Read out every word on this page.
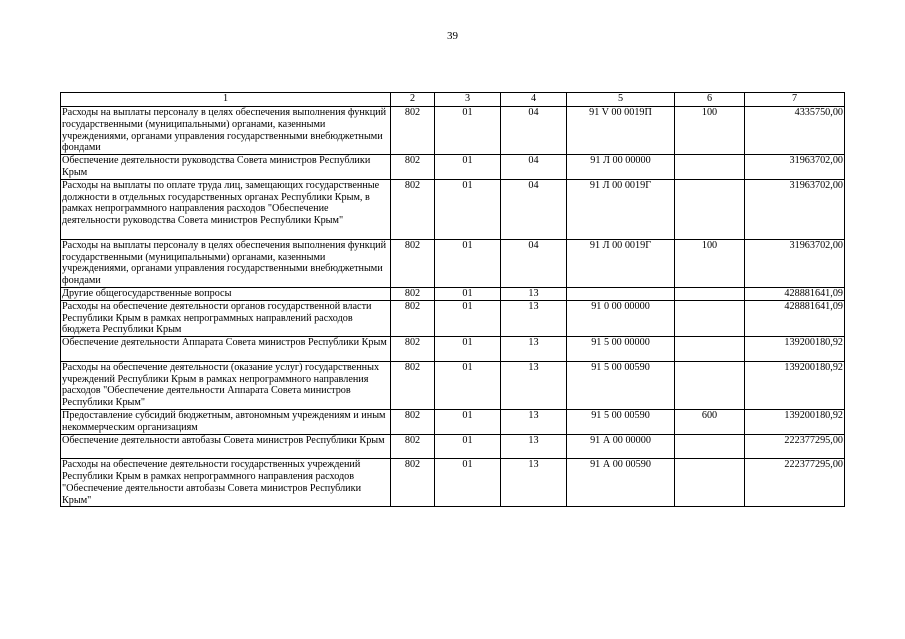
39
1	2	3	4	5	6	7
Расходы на выплаты персоналу в целях обеспечения выполнения функций государственными (муниципальными) органами, казенными учреждениями, органами управления государственными внебюджетными фондами	802	01	04	91 V 00 0019П	100	4335750,00
Обеспечение деятельности руководства Совета министров Республики Крым	802	01	04	91 Л 00 00000		31963702,00
Расходы на выплаты по оплате труда лиц, замещающих государственные должности в отдельных государственных органах Республики Крым, в рамках непрограммного направления расходов "Обеспечение деятельности руководства Совета министров Республики Крым"	802	01	04	91 Л 00 0019Г		31963702,00
Расходы на выплаты персоналу в целях обеспечения выполнения функций государственными (муниципальными) органами, казенными учреждениями, органами управления государственными внебюджетными фондами	802	01	04	91 Л 00 0019Г	100	31963702,00
Другие общегосударственные вопросы	802	01	13			428881641,09
Расходы на обеспечение деятельности органов государственной власти Республики Крым в рамках непрограммных направлений расходов бюджета Республики Крым	802	01	13	91 0 00 00000		428881641,09
Обеспечение деятельности Аппарата Совета министров Республики Крым	802	01	13	91 5 00 00000		139200180,92
Расходы на обеспечение деятельности (оказание услуг) государственных учреждений Республики Крым в рамках непрограммного направления расходов "Обеспечение деятельности Аппарата Совета министров Республики Крым"	802	01	13	91 5 00 00590		139200180,92
Предоставление субсидий бюджетным, автономным учреждениям и иным некоммерческим организациям	802	01	13	91 5 00 00590	600	139200180,92
Обеспечение деятельности автобазы Совета министров Республики Крым	802	01	13	91 А 00 00000		222377295,00
Расходы на обеспечение деятельности государственных учреждений Республики Крым в рамках непрограммного направления расходов "Обеспечение деятельности автобазы Совета министров Республики Крым"	802	01	13	91 А 00 00590		222377295,00
